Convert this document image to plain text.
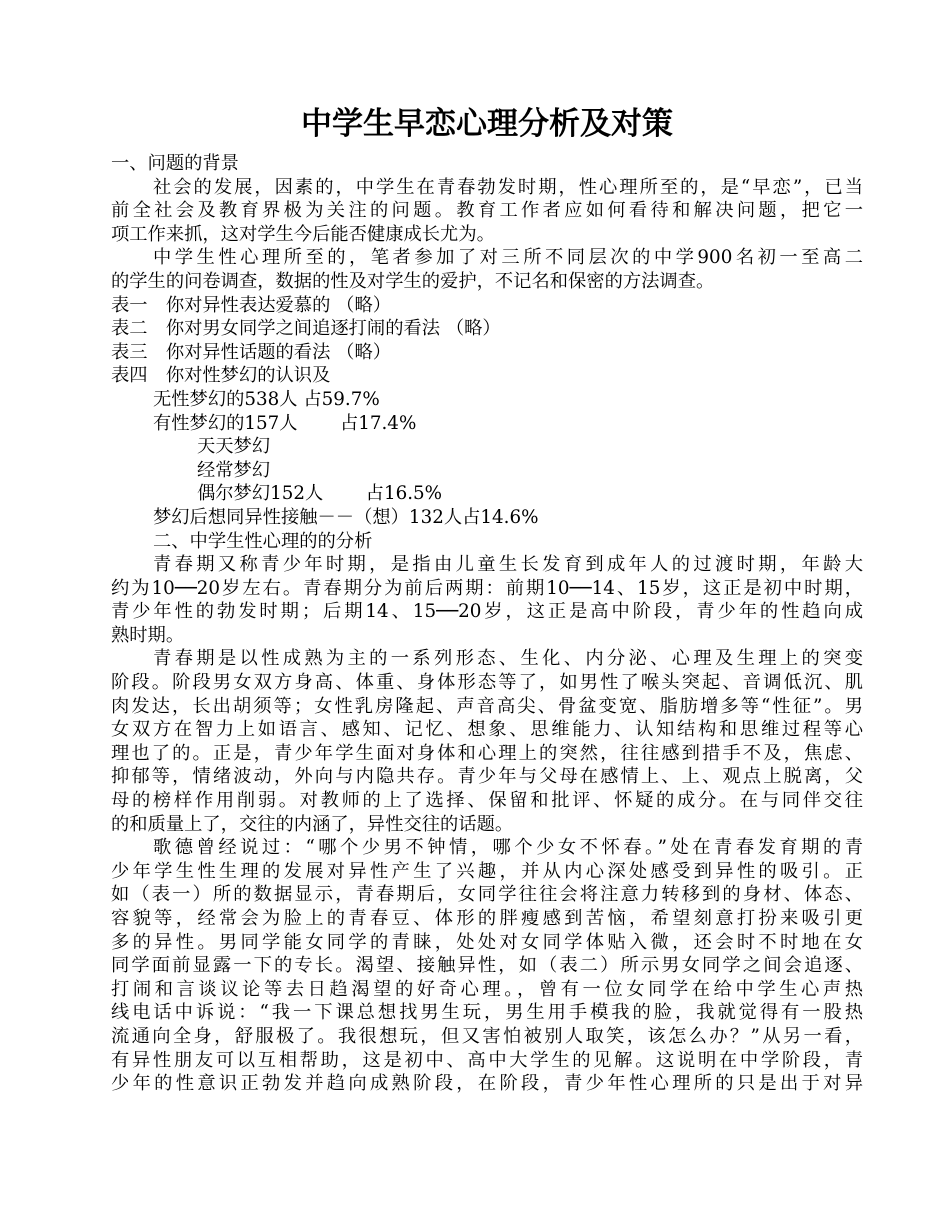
中学生早恋心理分析及对策
一、问题的背景
社会的发展，因素的，中学生在青春勃发时期，性心理所至的，是“早恋”，已当
前全社会及教育界极为关注的问题。教育工作者应如何看待和解决问题，把它一
项工作来抓，这对学生今后能否健康成长尤为。
中学生性心理所至的，笔者参加了对三所不同层次的中学900名初一至高二
的学生的问卷调查，数据的性及对学生的爱护，不记名和保密的方法调查。
表一　你对异性表达爱慕的 （略）
表二　你对男女同学之间追逐打闹的看法 （略）
表三　你对异性话题的看法 （略）
表四　你对性梦幻的认识及
无性梦幻的538人 占59.7%
有性梦幻的157人　　 占17.4%
天天梦幻
经常梦幻
偶尔梦幻152人　　 占16.5%
梦幻后想同异性接触－－（想）132人占14.6%
二、中学生性心理的的分析
青春期又称青少年时期，是指由儿童生长发育到成年人的过渡时期，年龄大
约为10──20岁左右。青春期分为前后两期：前期10──14、15岁，这正是初中时期，
青少年性的勃发时期；后期14、15──20岁，这正是高中阶段，青少年的性趋向成
熟时期。
青春期是以性成熟为主的一系列形态、生化、内分泌、心理及生理上的突变
阶段。阶段男女双方身高、体重、身体形态等了，如男性了喉头突起、音调低沉、肌
肉发达，长出胡须等；女性乳房隆起、声音高尖、骨盆变宽、脂肪增多等“性征”。男
女双方在智力上如语言、感知、记忆、想象、思维能力、认知结构和思维过程等心
理也了的。正是，青少年学生面对身体和心理上的突然，往往感到措手不及，焦虑、
抑郁等，情绪波动，外向与内隐共存。青少年与父母在感情上、上、观点上脱离，父
母的榜样作用削弱。对教师的上了选择、保留和批评、怀疑的成分。在与同伴交往
的和质量上了，交往的内涵了，异性交往的话题。
歌德曾经说过：“哪个少男不钟情，哪个少女不怀春。”处在青春发育期的青
少年学生性生理的发展对异性产生了兴趣，并从内心深处感受到异性的吸引。正
如（表一）所的数据显示，青春期后，女同学往往会将注意力转移到的身材、体态、
容貌等，经常会为脸上的青春豆、体形的胖瘦感到苦恼，希望刻意打扮来吸引更
多的异性。男同学能女同学的青睐，处处对女同学体贴入微，还会时不时地在女
同学面前显露一下的专长。渴望、接触异性，如（表二）所示男女同学之间会追逐、
打闹和言谈议论等去日趋渴望的好奇心理。，曾有一位女同学在给中学生心声热
线电话中诉说：“我一下课总想找男生玩，男生用手模我的脸，我就觉得有一股热
流通向全身，舒服极了。我很想玩，但又害怕被别人取笑，该怎么办？”从另一看，
有异性朋友可以互相帮助，这是初中、高中大学生的见解。这说明在中学阶段，青
少年的性意识正勃发并趋向成熟阶段，在阶段，青少年性心理所的只是出于对异
